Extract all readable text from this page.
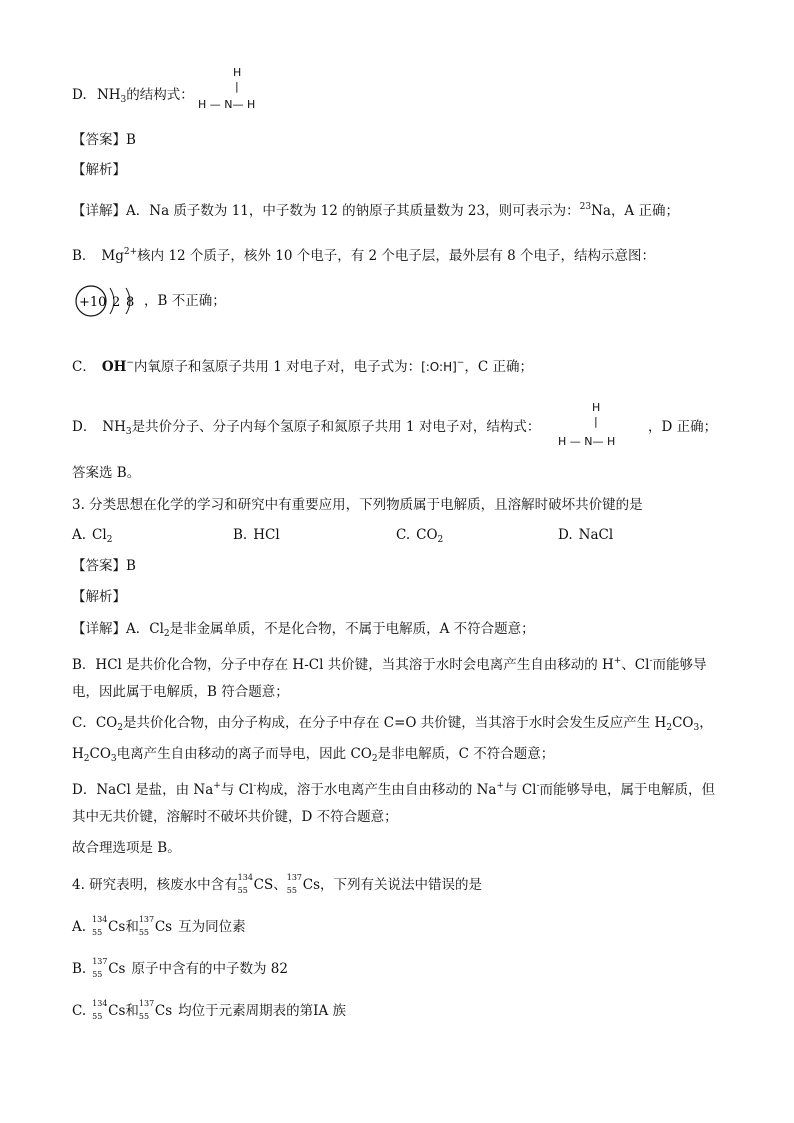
D. $NH_3$的结构式：
H
|
H — N— H
【答案】B
【解析】
【详解】A．Na 质子数为 11，中子数为 12 的钠原子其质量数为 23，则可表示为：$^{23}$Na，A 正确；
B． $Mg^{2+}$核内 12 个质子，核外 10 个电子，有 2 个电子层，最外层有 8 个电子，结构示意图：
+10 2 8 ，B 不正确；
C． OH−内氧原子和氢原子共用 1 对电子对，电子式为：[:O:H]−，C 正确；
D． $NH_3$是共价分子、分子内每个氢原子和氮原子共用 1 对电子对，结构式：
H
|
H — N— H
，D 正确；
答案选 B。
3. 分类思想在化学的学习和研究中有重要应用，下列物质属于电解质，且溶解时破坏共价键的是
A. $Cl_2$	B. HCl	C. $CO_2$	D. NaCl
【答案】B
【解析】
【详解】A．$Cl_2$是非金属单质，不是化合物，不属于电解质，A 不符合题意；
B．HCl 是共价化合物，分子中存在 H-Cl 共价键，当其溶于水时会电离产生自由移动的 H+、Cl-而能够导
电，因此属于电解质，B 符合题意；
C．$CO_2$是共价化合物，由分子构成，在分子中存在 C=O 共价键，当其溶于水时会发生反应产生 $H_2CO_3$，
$H_2CO_3$电离产生自由移动的离子而导电，因此 $CO_2$是非电解质，C 不符合题意；
D．NaCl 是盐，由 Na+与 Cl-构成，溶于水电离产生由自由移动的 Na+与 Cl-而能够导电，属于电解质，但
其中无共价键，溶解时不破坏共价键，D 不符合题意；
故合理选项是 B。
4. 研究表明，核废水中含有 134
55 CS、 137
55 Cs，下列有关说法中错误的是
A. 134
55 Cs和 137
55 Cs 互为同位素
B. 137
55 Cs 原子中含有的中子数为 82
C. 134
55 Cs和 137
55 Cs 均位于元素周期表的第ⅠA 族
